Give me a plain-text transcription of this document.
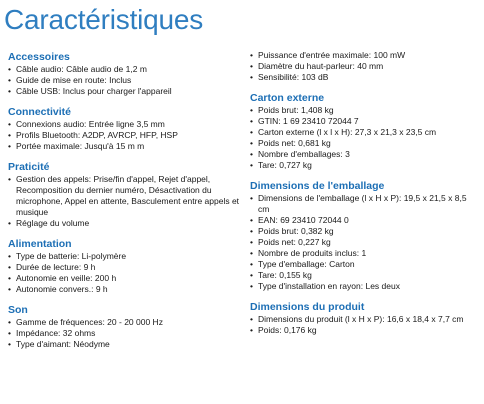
Caractéristiques
Accessoires
• Câble audio: Câble audio de 1,2 m
• Guide de mise en route: Inclus
• Câble USB: Inclus pour charger l'appareil
Connectivité
• Connexions audio: Entrée ligne 3,5 mm
• Profils Bluetooth: A2DP, AVRCP, HFP, HSP
• Portée maximale: Jusqu'à 15 m m
Praticité
• Gestion des appels: Prise/fin d'appel, Rejet d'appel, Recomposition du dernier numéro, Désactivation du microphone, Appel en attente, Basculement entre appels et musique
• Réglage du volume
Alimentation
• Type de batterie: Li-polymère
• Durée de lecture: 9 h
• Autonomie en veille: 200 h
• Autonomie convers.: 9 h
Son
• Gamme de fréquences: 20 - 20 000 Hz
• Impédance: 32 ohms
• Type d'aimant: Néodyme
• Puissance d'entrée maximale: 100 mW
• Diamètre du haut-parleur: 40 mm
• Sensibilité: 103 dB
Carton externe
• Poids brut: 1,408 kg
• GTIN: 1 69 23410 72044 7
• Carton externe (l x l x H): 27,3 x 21,3 x 23,5 cm
• Poids net: 0,681 kg
• Nombre d'emballages: 3
• Tare: 0,727 kg
Dimensions de l'emballage
• Dimensions de l'emballage (l x H x P): 19,5 x 21,5 x 8,5 cm
• EAN: 69 23410 72044 0
• Poids brut: 0,382 kg
• Poids net: 0,227 kg
• Nombre de produits inclus: 1
• Type d'emballage: Carton
• Tare: 0,155 kg
• Type d'installation en rayon: Les deux
Dimensions du produit
• Dimensions du produit (l x H x P): 16,6 x 18,4 x 7,7 cm
• Poids: 0,176 kg
